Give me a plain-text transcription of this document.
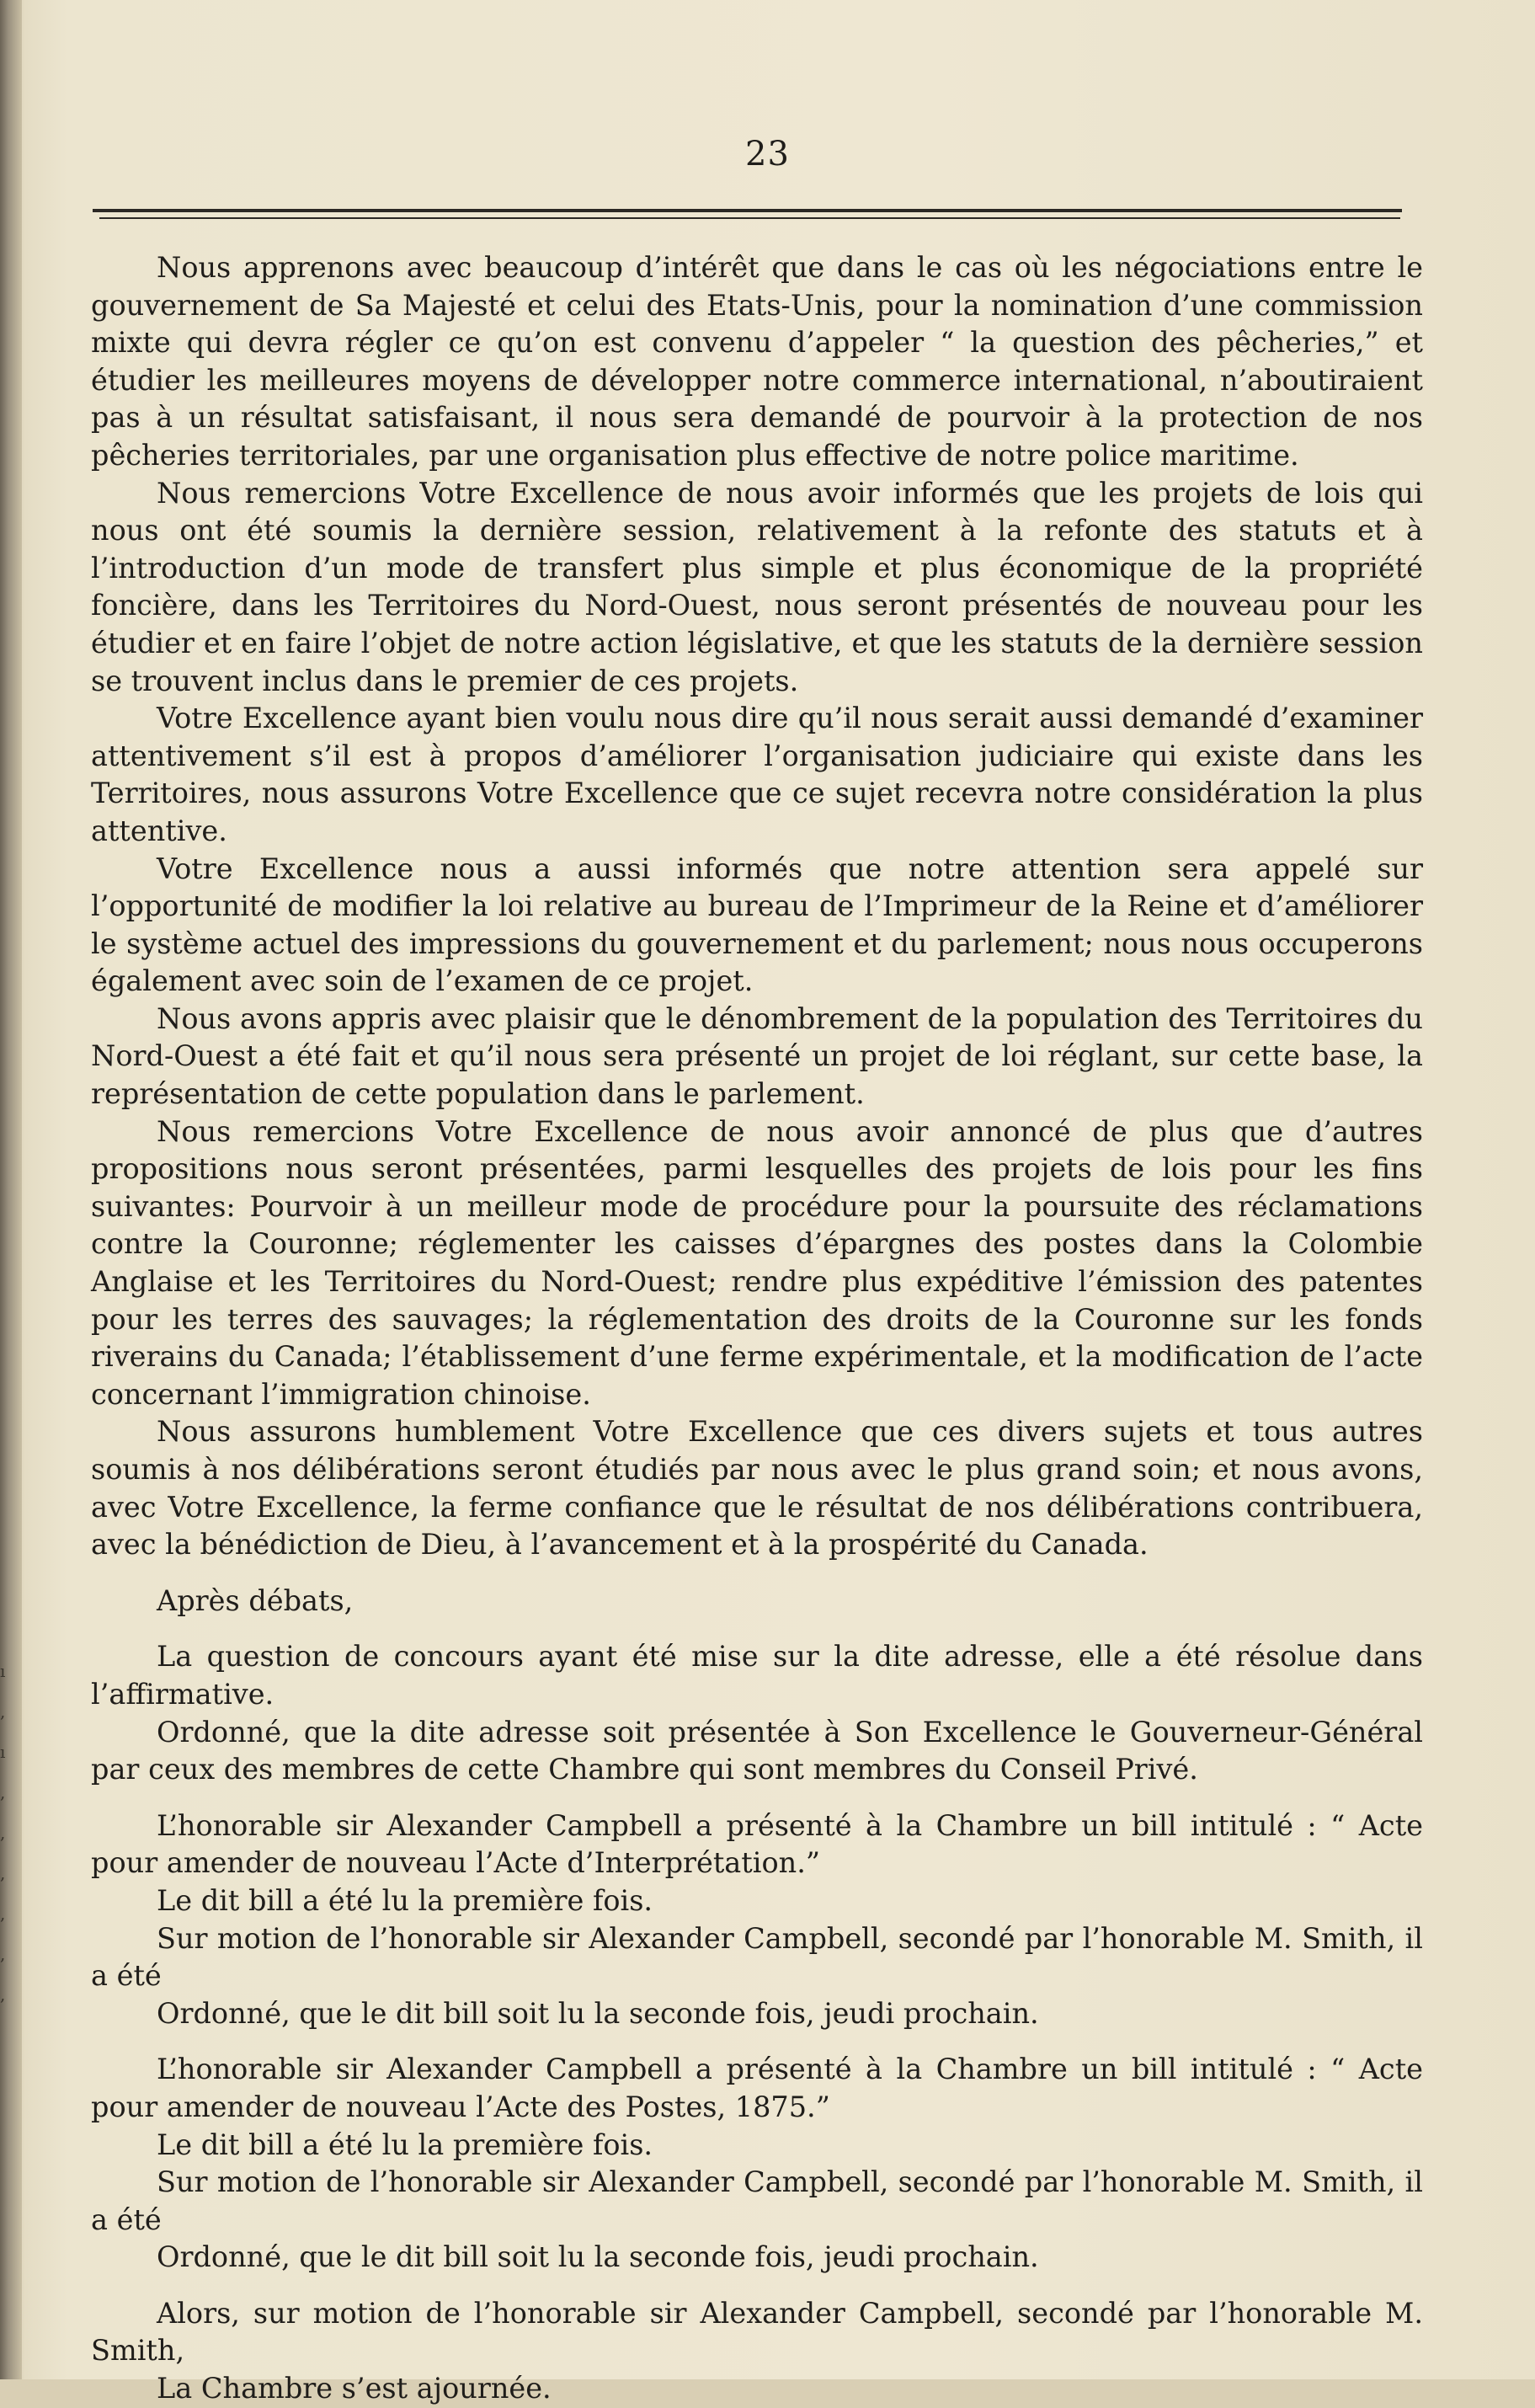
ı
,
ı
,
,
,
,
,
,
23

Nous apprenons avec beaucoup d’intérêt que dans le cas où les négociations entre le gouvernement de Sa Majesté et celui des Etats-Unis, pour la nomination d’une commission mixte qui devra régler ce qu’on est convenu d’appeler “ la question des pêcheries,” et étudier les meilleures moyens de développer notre commerce international, n’aboutiraient pas à un résultat satisfaisant, il nous sera demandé de pourvoir à la protection de nos pêcheries territoriales, par une organisation plus effective de notre police maritime.

Nous remercions Votre Excellence de nous avoir informés que les projets de lois qui nous ont été soumis la dernière session, relativement à la refonte des statuts et à l’introduction d’un mode de transfert plus simple et plus économique de la propriété foncière, dans les Territoires du Nord-Ouest, nous seront présentés de nouveau pour les étudier et en faire l’objet de notre action législative, et que les statuts de la dernière session se trouvent inclus dans le premier de ces projets.

Votre Excellence ayant bien voulu nous dire qu’il nous serait aussi demandé d’examiner attentivement s’il est à propos d’améliorer l’organisation judiciaire qui existe dans les Territoires, nous assurons Votre Excellence que ce sujet recevra notre considération la plus attentive.

Votre Excellence nous a aussi informés que notre attention sera appelé sur l’opportunité de modifier la loi relative au bureau de l’Imprimeur de la Reine et d’améliorer le système actuel des impressions du gouvernement et du parlement; nous nous occuperons également avec soin de l’examen de ce projet.

Nous avons appris avec plaisir que le dénombrement de la population des Territoires du Nord-Ouest a été fait et qu’il nous sera présenté un projet de loi réglant, sur cette base, la représentation de cette population dans le parlement.

Nous remercions Votre Excellence de nous avoir annoncé de plus que d’autres propositions nous seront présentées, parmi lesquelles des projets de lois pour les fins suivantes: Pourvoir à un meilleur mode de procédure pour la poursuite des réclamations contre la Couronne; réglementer les caisses d’épargnes des postes dans la Colombie Anglaise et les Territoires du Nord-Ouest; rendre plus expéditive l’émission des patentes pour les terres des sauvages; la réglementation des droits de la Couronne sur les fonds riverains du Canada; l’établissement d’une ferme expérimentale, et la modification de l’acte concernant l’immigration chinoise.

Nous assurons humblement Votre Excellence que ces divers sujets et tous autres soumis à nos délibérations seront étudiés par nous avec le plus grand soin; et nous avons, avec Votre Excellence, la ferme confiance que le résultat de nos délibérations contribuera, avec la bénédiction de Dieu, à l’avancement et à la prospérité du Canada.

Après débats,

La question de concours ayant été mise sur la dite adresse, elle a été résolue dans l’affirmative.

Ordonné, que la dite adresse soit présentée à Son Excellence le Gouverneur-Général par ceux des membres de cette Chambre qui sont membres du Conseil Privé.

L’honorable sir Alexander Campbell a présenté à la Chambre un bill intitulé : “ Acte pour amender de nouveau l’Acte d’Interprétation.”

Le dit bill a été lu la première fois.

Sur motion de l’honorable sir Alexander Campbell, secondé par l’honorable M. Smith, il a été

Ordonné, que le dit bill soit lu la seconde fois, jeudi prochain.

L’honorable sir Alexander Campbell a présenté à la Chambre un bill intitulé : “ Acte pour amender de nouveau l’Acte des Postes, 1875.”

Le dit bill a été lu la première fois.

Sur motion de l’honorable sir Alexander Campbell, secondé par l’honorable M. Smith, il a été

Ordonné, que le dit bill soit lu la seconde fois, jeudi prochain.

Alors, sur motion de l’honorable sir Alexander Campbell, secondé par l’honorable M. Smith,

La Chambre s’est ajournée.
